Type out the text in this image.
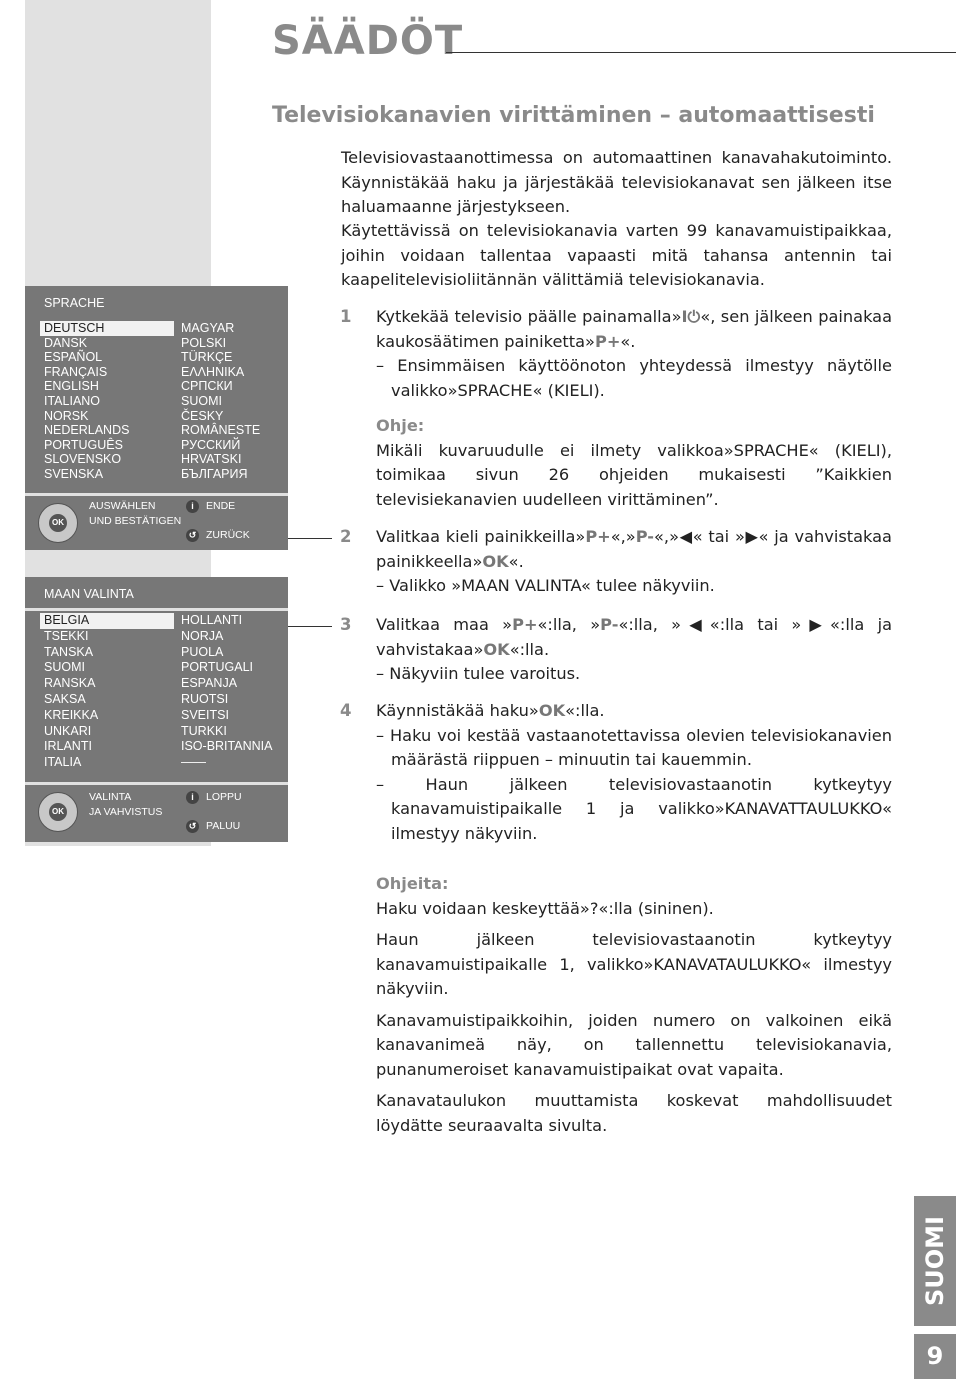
SÄÄDÖT
Televisiokanavien virittäminen – automaattisesti
Televisiovastaanottimessa on automaattinen kanavahakutoiminto. Käynnistäkää haku ja järjestäkää televisiokanavat sen jälkeen itse haluamaanne järjestykseen.
Käytettävissä on televisiokanavia varten 99 kanavamuistipaikkaa, joihin voidaan tallentaa vapaasti mitä tahansa antennin tai kaapelitelevisioliitännän välittämiä televisiokanavia.
SPRACHE
DEUTSCH
DANSK
ESPAÑOL
FRANÇAIS
ENGLISH
ITALIANO
NORSK
NEDERLANDS
PORTUGUÊS
SLOVENSKO
SVENSKA
MAGYAR
POLSKI
TÜRKÇE
ΕΛΛΗΝΙΚΑ
СРПСКИ
SUOMI
ČESKY
ROMÂNESTE
РУССКИЙ
HRVATSKI
БЪЛГАРИЯ
OK
AUSWÄHLEN
UND BESTÄTIGEN
i	ENDE
↺ ZURÜCK
MAAN VALINTA
BELGIA
TSEKKI
TANSKA
SUOMI
RANSKA
SAKSA
KREIKKA
UNKARI
IRLANTI
ITALIA
HOLLANTI
NORJA
PUOLA
PORTUGALI
ESPANJA
RUOTSI
SVEITSI
TURKKI
ISO-BRITANNIA
——
OK
VALINTA
JA VAHVISTUS
i	LOPPU
↺ PALUU
1 Kytkekää televisio päälle painamalla»I⏻«, sen jälkeen painakaa kaukosäätimen painiketta»P+«.
– Ensimmäisen käyttöönoton yhteydessä ilmestyy näytölle valikko»SPRACHE« (KIELI).
Ohje:
Mikäli kuvaruudulle ei ilmety valikkoa»SPRACHE« (KIELI), toimikaa sivun 26 ohjeiden mukaisesti ”Kaikkien televisiekanavien uudelleen virittäminen”.
2 Valitkaa kieli painikkeilla»P+«,»P-«,»◀« tai »▶« ja vahvistakaa painikkeella»OK«.
– Valikko »MAAN VALINTA« tulee näkyviin.
3 Valitkaa maa »P+«:lla, »P-«:lla, »◀«:lla tai »▶«:lla ja vahvistakaa»OK«:lla.
– Näkyviin tulee varoitus.
4 Käynnistäkää haku»OK«:lla.
– Haku voi kestää vastaanotettavissa olevien televisiokanavien määrästä riippuen – minuutin tai kauemmin.
– Haun jälkeen televisiovastaanotin kytkeytyy kanavamuistipaikalle 1 ja valikko»KANAVATTAULUKKO« ilmestyy näkyviin.
Ohjeita:
Haku voidaan keskeyttää»?«:lla (sininen).
Haun jälkeen televisiovastaanotin kytkeytyy kanavamuistipaikalle 1, valikko»KANAVATAULUKKO« ilmestyy näkyviin.
Kanavamuistipaikkoihin, joiden numero on valkoinen eikä kanavanimeä näy, on tallennettu televisiokanavia, punanumeroiset kanavamuistipaikat ovat vapaita.
Kanavataulukon muuttamista koskevat mahdollisuudet löydätte seuraavalta sivulta.
SUOMI
9
